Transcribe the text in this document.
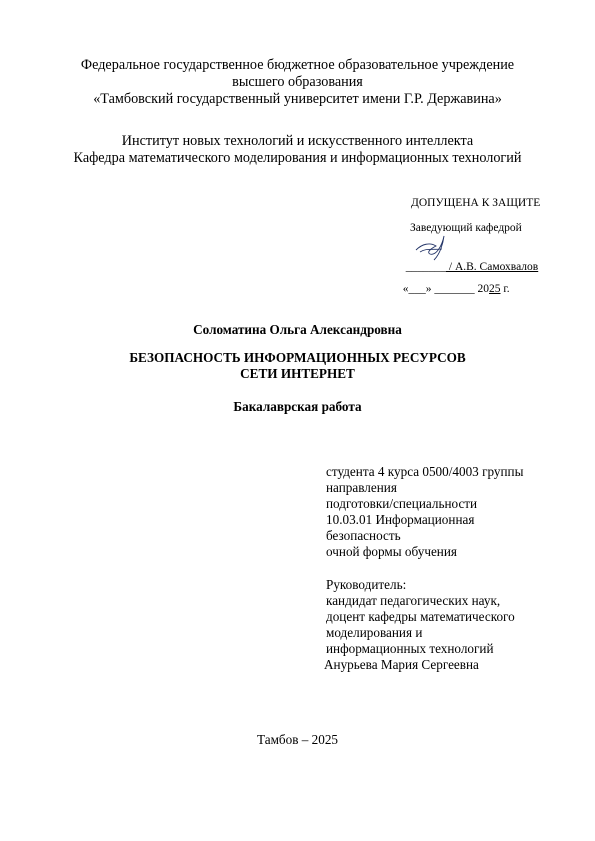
Федеральное государственное бюджетное образовательное учреждение
высшего образования
«Тамбовский государственный университет имени Г.Р. Державина»
Институт новых технологий и искусственного интеллекта
Кафедра математического моделирования и информационных технологий
ДОПУЩЕНА К ЗАЩИТЕ
Заведующий кафедрой

_______ / А.В. Самохвалов

«___» _______ 2025 г.

Соломатина Ольга Александровна
БЕЗОПАСНОСТЬ ИНФОРМАЦИОННЫХ РЕСУРСОВ
СЕТИ ИНТЕРНЕТ
Бакалаврская работа
студента 4 курса 0500/4003 группы
направления
подготовки/специальности
10.03.01 Информационная
безопасность
очной формы обучения
Руководитель:
кандидат педагогических наук,
доцент кафедры математического
моделирования и
информационных технологий
Анурьева Мария Сергеевна
Тамбов – 2025
